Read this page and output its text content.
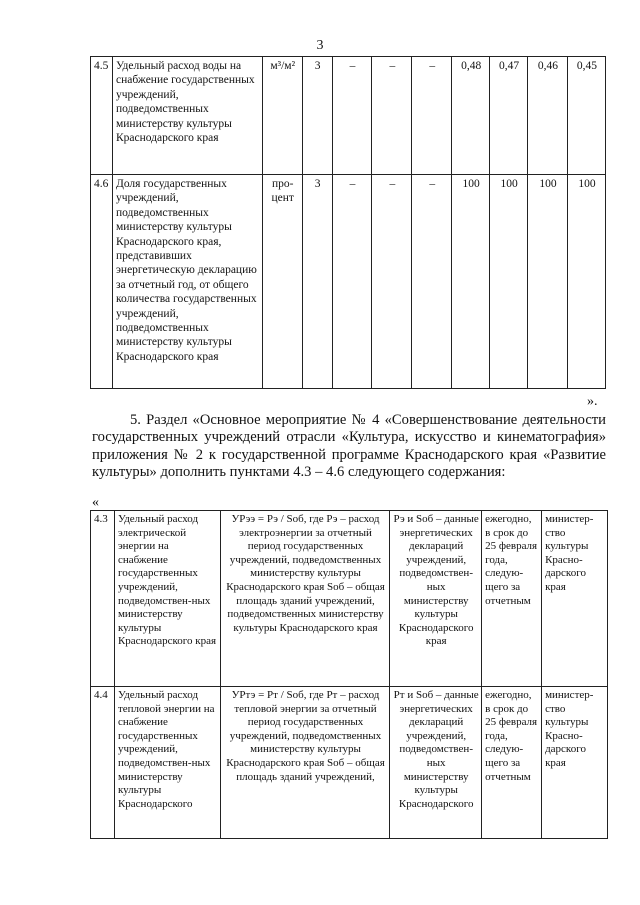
3
4.5	Удельный расход воды на снабжение государственных учреждений, подведомственных министерству культуры Краснодарского края	м³/м²	3	–	–	–	0,48	0,47	0,46	0,45
4.6	Доля государственных учреждений, подведомственных министерству культуры Краснодарского края, представивших энергетическую декларацию за отчетный год, от общего количества государственных учреждений, подведомственных министерству культуры Краснодарского края	про-цент	3	–	–	–	100	100	100	100
».
5. Раздел «Основное мероприятие № 4 «Совершенствование деятельности государственных учреждений отрасли «Культура, искусство и кинематография» приложения № 2 к государственной программе Краснодарского края «Развитие культуры» дополнить пунктами 4.3 – 4.6 следующего содержания:
«
4.3	Удельный расход электрической энергии на снабжение государственных учреждений, подведомствен-ных министерству культуры Краснодарского края	УРээ = Рэ / Sоб, где Рэ – расход электроэнергии за отчетный период государственных учреждений, подведомственных министерству культуры Краснодарского края Sоб – общая площадь зданий учреждений, подведомственных министерству культуры Краснодарского края	Рэ и Sоб – данные энергетических деклараций учреждений, подведомствен-ных министерству культуры Краснодарского края	ежегодно, в срок до 25 февраля года, следую-щего за отчетным	министер-ство культуры Красно-дарского края
4.4	Удельный расход тепловой энергии на снабжение государственных учреждений, подведомствен-ных министерству культуры Краснодарского	УРтэ = Рт / Sоб, где Рт – расход тепловой энергии за отчетный период государственных учреждений, подведомственных министерству культуры Краснодарского края Sоб – общая площадь зданий учреждений,	Рт и Sоб – данные энергетических деклараций учреждений, подведомствен-ных министерству культуры Краснодарского	ежегодно, в срок до 25 февраля года, следую-щего за отчетным	министер-ство культуры Красно-дарского края
